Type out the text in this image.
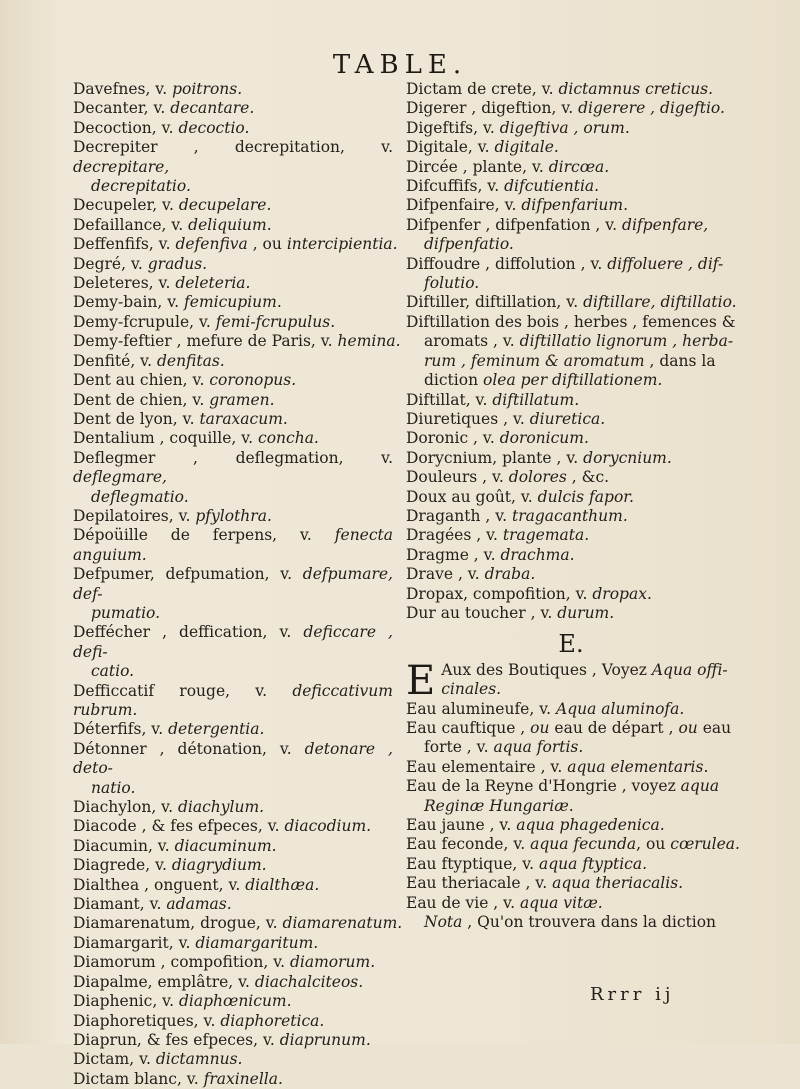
TABLE.
Davefnes, v. poitrons.
Decanter, v. decantare.
Decoction, v. decoctio.
Decrepiter , decrepitation, v. decrepitare,
decrepitatio.
Decupeler, v. decupelare.
Defaillance, v. deliquium.
Deffenfifs, v. defenfiva , ou intercipientia.
Degré, v. gradus.
Deleteres, v. deleteria.
Demy-bain, v. femicupium.
Demy-fcrupule, v. femi-fcrupulus.
Demy-feftier , mefure de Paris, v. hemina.
Denfité, v. denfitas.
Dent au chien, v. coronopus.
Dent de chien, v. gramen.
Dent de lyon, v. taraxacum.
Dentalium , coquille, v. concha.
Deflegmer , deflegmation, v. deflegmare,
deflegmatio.
Depilatoires, v. pfylothra.
Dépoüille de ferpens, v. fenecta anguium.
Defpumer, defpumation, v. defpumare, def-
pumatio.
Deffécher , deffication, v. deficcare , defi-
catio.
Defficcatif rouge, v. deficcativum rubrum.
Déterfifs, v. detergentia.
Détonner , détonation, v. detonare , deto-
natio.
Diachylon, v. diachylum.
Diacode , & fes efpeces, v. diacodium.
Diacumin, v. diacuminum.
Diagrede, v. diagrydium.
Dialthea , onguent, v. dialthæa.
Diamant, v. adamas.
Diamarenatum, drogue, v. diamarenatum.
Diamargarit, v. diamargaritum.
Diamorum , compofition, v. diamorum.
Diapalme, emplâtre, v. diachalciteos.
Diaphenic, v. diaphœnicum.
Diaphoretiques, v. diaphoretica.
Diaprun, & fes efpeces, v. diaprunum.
Dictam, v. dictamnus.
Dictam blanc, v. fraxinella.
Dictam de crete, v. dictamnus creticus.
Digerer , digeftion, v. digerere , digeftio.
Digeftifs, v. digeftiva , orum.
Digitale, v. digitale.
Dircée , plante, v. dircœa.
Difcuffifs, v. difcutientia.
Difpenfaire, v. difpenfarium.
Difpenfer , difpenfation , v. difpenfare,
difpenfatio.
Diffoudre , diffolution , v. diffoluere , dif-
folutio.
Diftiller, diftillation, v. diftillare, diftillatio.
Diftillation des bois , herbes , femences &
aromats , v. diftillatio lignorum , herba-
rum , feminum & aromatum , dans la
diction olea per diftillationem.
Diftillat, v. diftillatum.
Diuretiques , v. diuretica.
Doronic , v. doronicum.
Dorycnium, plante , v. dorycnium.
Douleurs , v. dolores , &c.
Doux au goût, v. dulcis fapor.
Draganth , v. tragacanthum.
Dragées , v. tragemata.
Dragme , v. drachma.
Drave , v. draba.
Dropax, compofition, v. dropax.
Dur au toucher , v. durum.
E.
E Aux des Boutiques , Voyez Aqua offi-
cinales.
Eau alumineufe, v. Aqua aluminofa.
Eau cauftique , ou eau de départ , ou eau
forte , v. aqua fortis.
Eau elementaire , v. aqua elementaris.
Eau de la Reyne d'Hongrie , voyez aqua
Reginæ Hungariæ.
Eau jaune , v. aqua phagedenica.
Eau feconde, v. aqua fecunda, ou cœrulea.
Eau ftyptique, v. aqua ftyptica.
Eau theriacale , v. aqua theriacalis.
Eau de vie , v. aqua vitæ.
Nota , Qu'on trouvera dans la diction
Rrrr ij
